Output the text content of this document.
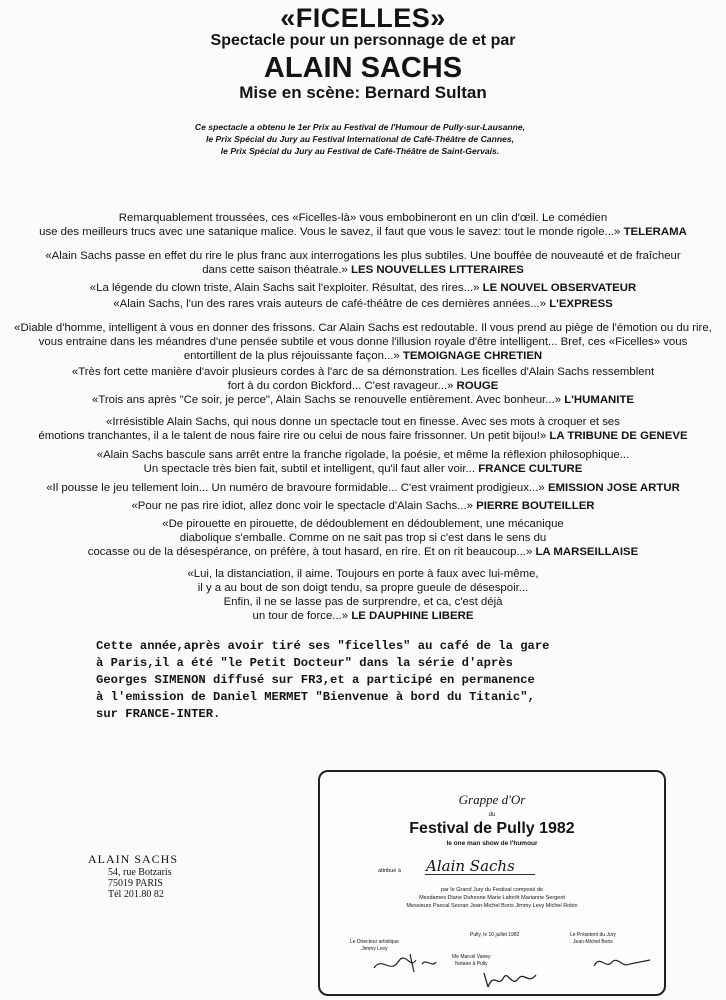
«FICELLES»
Spectacle pour un personnage de et par
ALAIN SACHS
Mise en scène: Bernard Sultan
Ce spectacle a obtenu le 1er Prix au Festival de l'Humour de Pully-sur-Lausanne,
le Prix Spécial du Jury au Festival International de Café-Théâtre de Cannes,
le Prix Spécial du Jury au Festival de Café-Théâtre de Saint-Gervais.
Remarquablement troussées, ces «Ficelles-là» vous embobineront en un clin d'œil. Le comédien
use des meilleurs trucs avec une satanique malice. Vous le savez, il faut que vous le savez: tout le monde rigole...» TELERAMA
«Alain Sachs passe en effet du rire le plus franc aux interrogations les plus subtiles. Une bouffée de nouveauté et de fraîcheur
dans cette saison théatrale.» LES NOUVELLES LITTERAIRES
«La légende du clown triste, Alain Sachs sait l'exploiter. Résultat, des rires...» LE NOUVEL OBSERVATEUR
«Alain Sachs, l'un des rares vrais auteurs de café-théâtre de ces dernières années...» L'EXPRESS
«Diable d'homme, intelligent à vous en donner des frissons. Car Alain Sachs est redoutable. Il vous prend au piège de l'émotion ou du rire,
vous entraine dans les méandres d'une pensée subtile et vous donne l'illusion royale d'être intelligent... Bref, ces «Ficelles» vous
entortillent de la plus réjouissante façon...» TEMOIGNAGE CHRETIEN
«Très fort cette manière d'avoir plusieurs cordes à l'arc de sa démonstration. Les ficelles d'Alain Sachs ressemblent
fort à du cordon Bickford... C'est ravageur...» ROUGE
«Trois ans après "Ce soir, je perce", Alain Sachs se renouvelle entièrement. Avec bonheur...» L'HUMANITE
«Irrésistible Alain Sachs, qui nous donne un spectacle tout en finesse. Avec ses mots à croquer et ses
émotions tranchantes, il a le talent de nous faire rire ou celui de nous faire frissonner. Un petit bijou!» LA TRIBUNE DE GENEVE
«Alain Sachs bascule sans arrêt entre la franche rigolade, la poésie, et même la réflexion philosophique...
Un spectacle très bien fait, subtil et intelligent, qu'il faut aller voir... FRANCE CULTURE
«Il pousse le jeu tellement loin... Un numéro de bravoure formidable... C'est vraiment prodigieux...» EMISSION JOSE ARTUR
«Pour ne pas rire idiot, allez donc voir le spectacle d'Alain Sachs...» PIERRE BOUTEILLER
«De pirouette en pirouette, de dédoublement en dédoublement, une mécanique
diabolique s'emballe. Comme on ne sait pas trop si c'est dans le sens du
cocasse ou de la désespérance, on préfère, à tout hasard, en rire. Et on rit beaucoup...» LA MARSEILLAISE
«Lui, la distanciation, il aime. Toujours en porte à faux avec lui-même,
il y a au bout de son doigt tendu, sa propre gueule de désespoir...
Enfin, il ne se lasse pas de surprendre, et ca, c'est déjà
un tour de force...» LE DAUPHINE LIBERE
Cette année,après avoir tiré ses "ficelles" au café de la gare
à Paris,il a été "le Petit Docteur" dans la série d'après
Georges SIMENON diffusé sur FR3,et a participé en permanence
à l'emission de Daniel MERMET "Bienvenue à bord du Titanic",
sur FRANCE-INTER.
ALAIN SACHS
54, rue Botzaris
75019 PARIS
Tél 201.80 82
Grappe d'Or
du
Festival de Pully 1982
le one man show de l'humour
attribué à Alain Sachs
par le Grand Jury du Festival composé de
Mesdames Diane Dufresne Marie Laforêt Marianne Sergent
Messieurs Pascal Sevran Jean-Michel Boris Jimmy Levy Michel Robin
Pully, le 10 juillet 1982
Le Directeur artistique
Jimmy Levy
Me Marcel Vaney
Notaire à Pully
Le Président du Jury
Jean-Michel Boris
